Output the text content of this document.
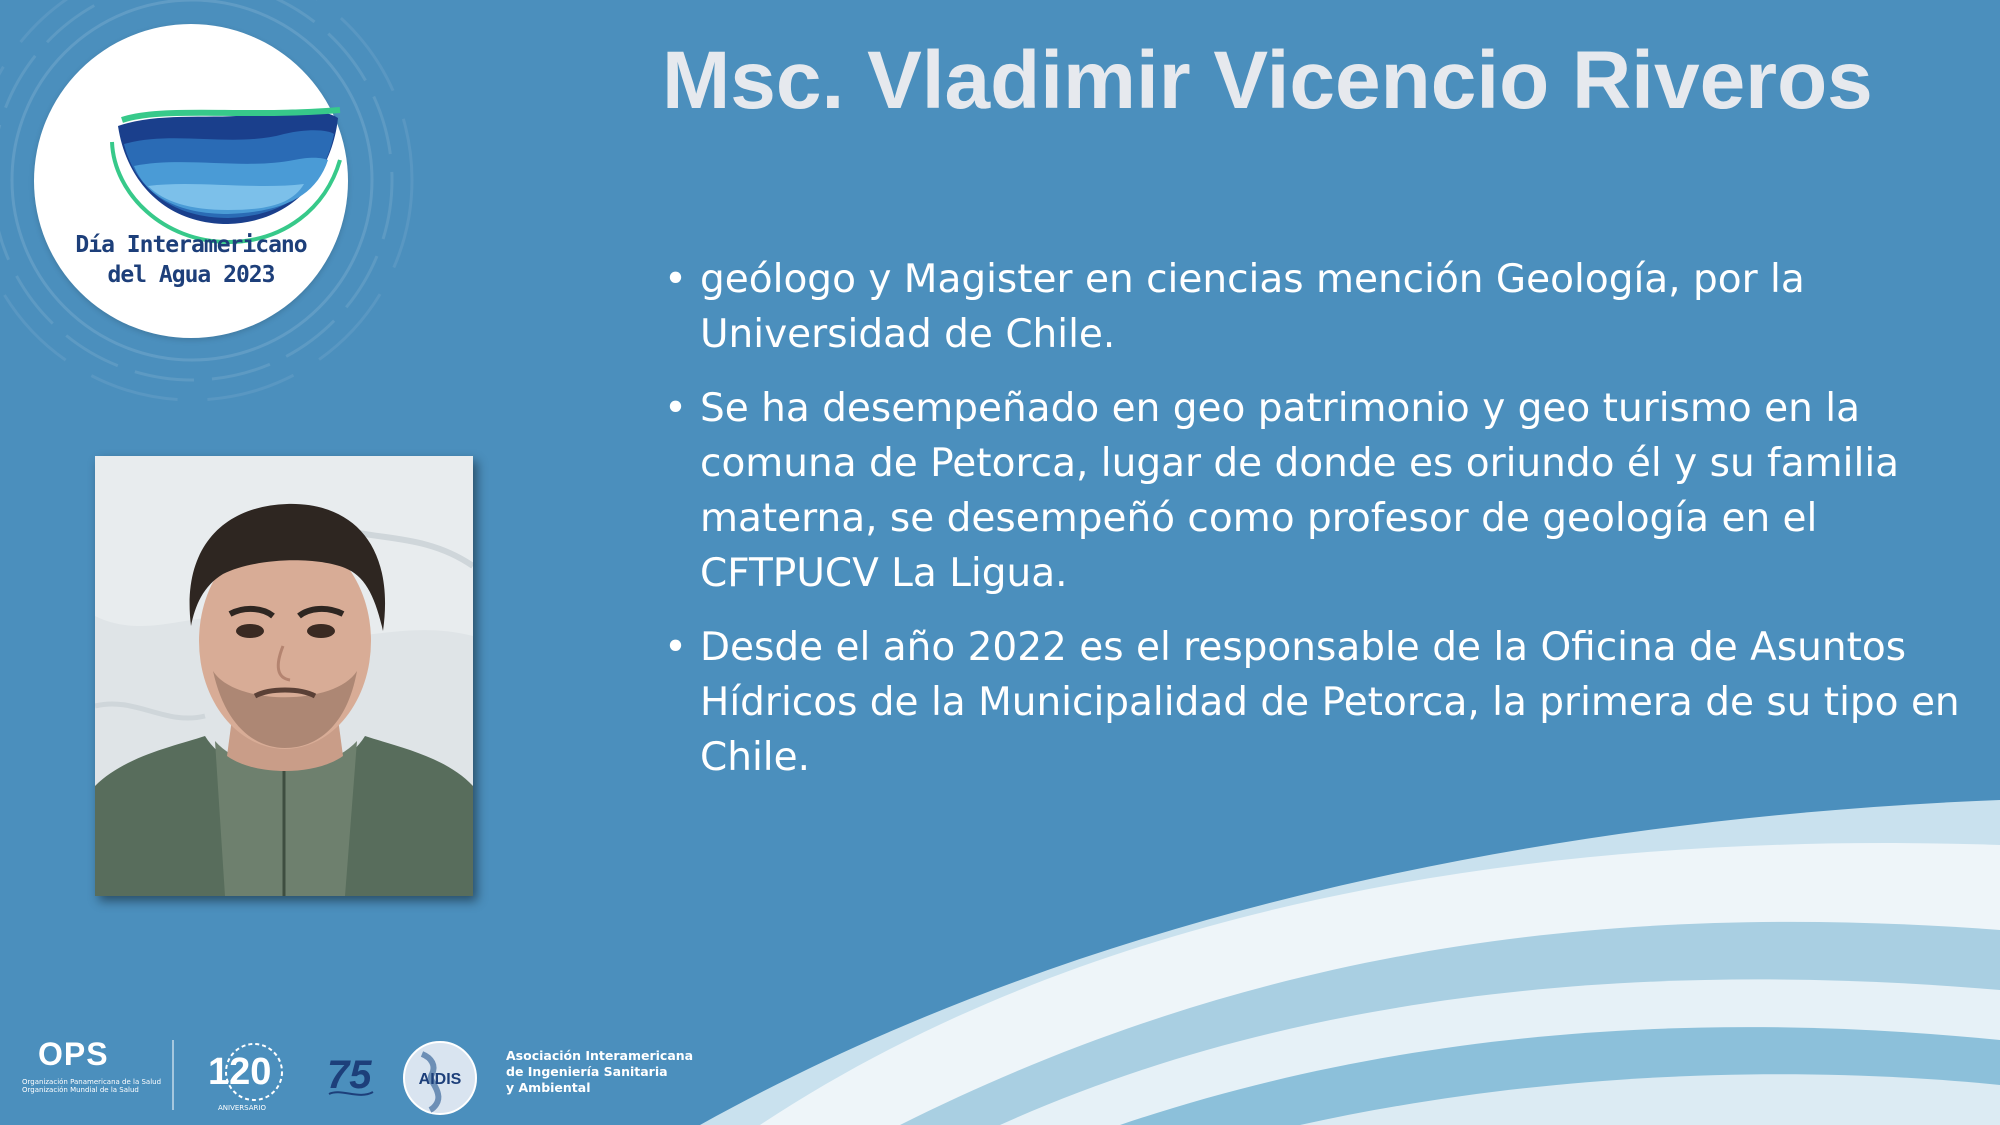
Día Interamericano
del Agua 2023
Msc. Vladimir Vicencio Riveros
• geólogo y Magister en ciencias mención Geología, por la Universidad de Chile.
• Se ha desempeñado en geo patrimonio y geo turismo en la comuna de Petorca, lugar de donde es oriundo él y su familia materna, se desempeñó como profesor de geología en el CFTPUCV La Ligua.
• Desde el año 2022 es el responsable de la Oficina de Asuntos Hídricos de la Municipalidad de Petorca, la primera de su tipo en Chile.
OPS
Organización Panamericana de la Salud Organización Mundial de la Salud	120
ANIVERSARIO
75	AIDIS
Asociación Interamericana
de Ingeniería Sanitaria
y Ambiental
